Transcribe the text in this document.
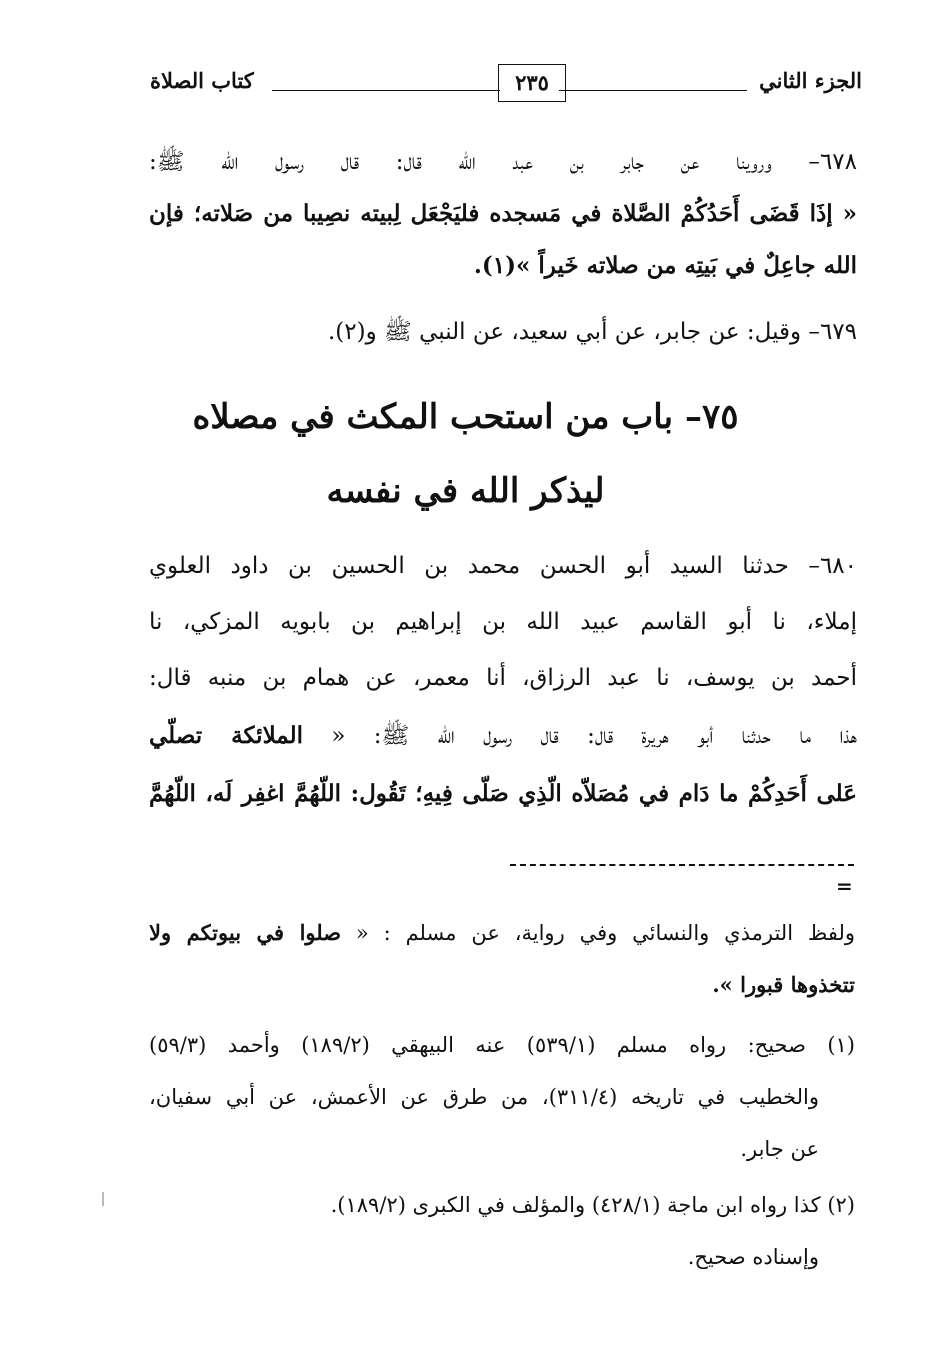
الجزء الثاني
٢٣٥
كتاب الصلاة
٦٧٨– وروينا عن جابر بن عبد الله قال: قال رسول الله ﷺ:
« إذَا قَضَى أَحَدُكُمْ الصَّلاة في مَسجده فليَجْعَل لِبيته نصِيبا من صَلاته؛ فإن
الله جاعِلٌ في بَيتِه من صلاته خَيراً »(١).
٦٧٩– وقيل: عن جابر، عن أبي سعيد، عن النبي ﷺ و(٢).
٧٥– باب من استحب المكث في مصلاه
ليذكر الله في نفسه
٦٨٠– حدثنا السيد أبو الحسن محمد بن الحسين بن داود العلوي
إملاء، نا أبو القاسم عبيد الله بن إبراهيم بن بابويه المزكي، نا
أحمد بن يوسف، نا عبد الرزاق، أنا معمر، عن همام بن منبه قال:
هذا ما حدثنا أبو هريرة قال: قال رسول الله ﷺ: « الملائكة تصلّي
عَلى أَحَدِكُمْ ما دَام في مُصَلاّه الّذِي صَلّى فِيهِ؛ تَقُول: اللّهُمَّ اغفِر لَه، اللّهُمَّ
=
ولفظ الترمذي والنسائي وفي رواية، عن مسلم : « صلوا في بيوتكم ولا
تتخذوها قبورا ».
(١) صحيح: رواه مسلم (٥٣٩/١) عنه البيهقي (١٨٩/٢) وأحمد (٥٩/٣)
والخطيب في تاريخه (٣١١/٤)، من طرق عن الأعمش، عن أبي سفيان،
عن جابر.
(٢) كذا رواه ابن ماجة (٤٢٨/١) والمؤلف في الكبرى (١٨٩/٢).
وإسناده صحيح.
